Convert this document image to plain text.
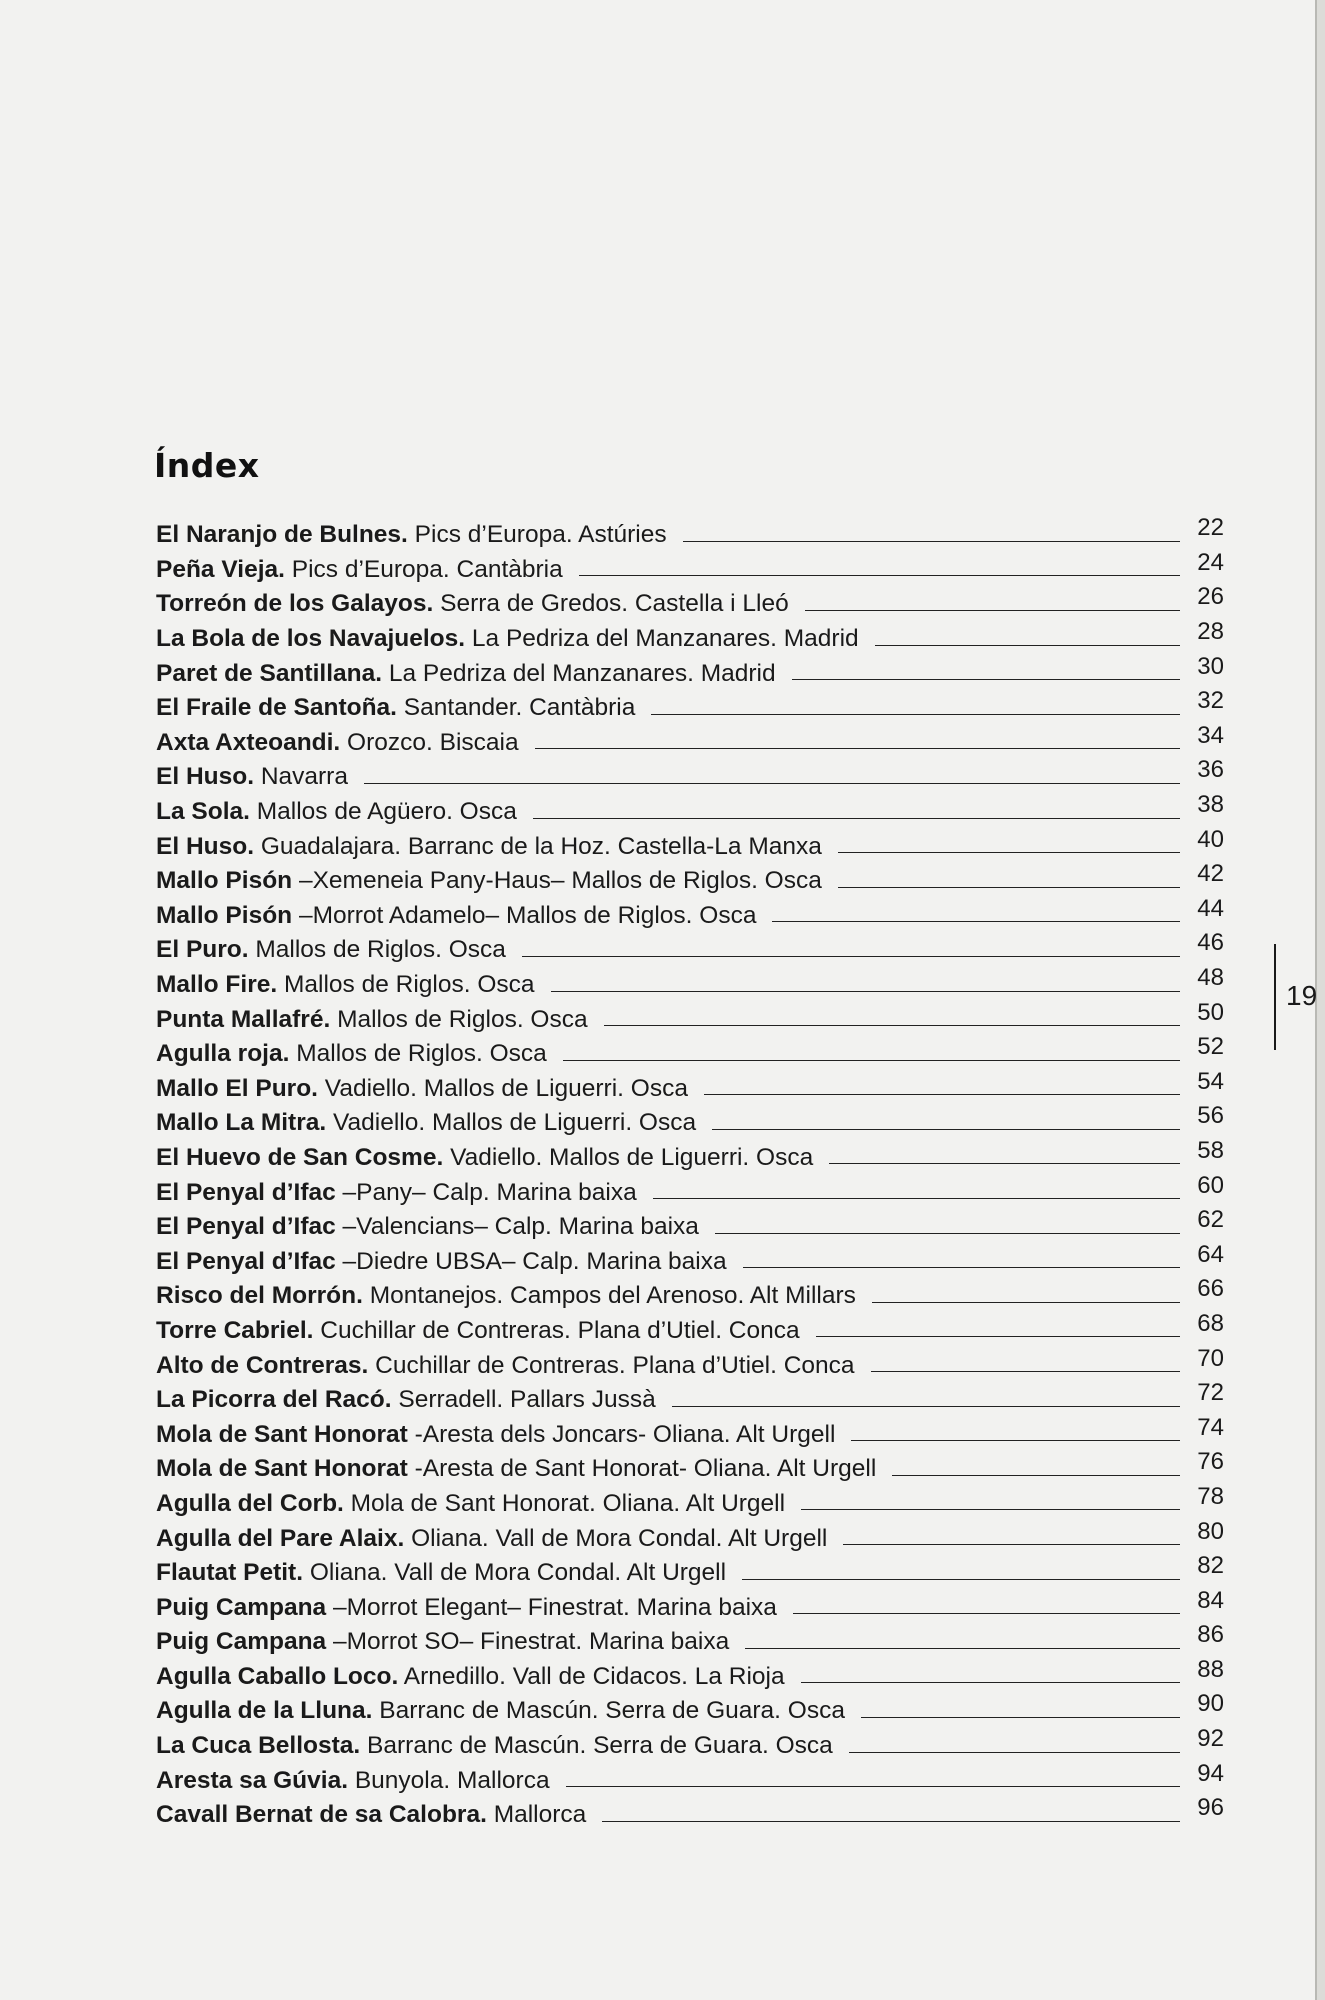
Índex
El Naranjo de Bulnes. Pics d’Europa. Astúries	22
Peña Vieja. Pics d’Europa. Cantàbria	24
Torreón de los Galayos. Serra de Gredos. Castella i Lleó	26
La Bola de los Navajuelos. La Pedriza del Manzanares. Madrid	28
Paret de Santillana. La Pedriza del Manzanares. Madrid	30
El Fraile de Santoña. Santander. Cantàbria	32
Axta Axteoandi. Orozco. Biscaia	34
El Huso. Navarra	36
La Sola. Mallos de Agüero. Osca	38
El Huso. Guadalajara. Barranc de la Hoz. Castella-La Manxa	40
Mallo Pisón –Xemeneia Pany-Haus– Mallos de Riglos. Osca	42
Mallo Pisón –Morrot Adamelo– Mallos de Riglos. Osca	44
El Puro. Mallos de Riglos. Osca	46
Mallo Fire. Mallos de Riglos. Osca	48
Punta Mallafré. Mallos de Riglos. Osca	50
Agulla roja. Mallos de Riglos. Osca	52
Mallo El Puro. Vadiello. Mallos de Liguerri. Osca	54
Mallo La Mitra. Vadiello. Mallos de Liguerri. Osca	56
El Huevo de San Cosme. Vadiello. Mallos de Liguerri. Osca	58
El Penyal d’Ifac –Pany– Calp. Marina baixa	60
El Penyal d’Ifac –Valencians– Calp. Marina baixa	62
El Penyal d’Ifac –Diedre UBSA– Calp. Marina baixa	64
Risco del Morrón. Montanejos. Campos del Arenoso. Alt Millars	66
Torre Cabriel. Cuchillar de Contreras. Plana d’Utiel. Conca	68
Alto de Contreras. Cuchillar de Contreras. Plana d’Utiel. Conca	70
La Picorra del Racó. Serradell. Pallars Jussà	72
Mola de Sant Honorat -Aresta dels Joncars- Oliana. Alt Urgell	74
Mola de Sant Honorat -Aresta de Sant Honorat- Oliana. Alt Urgell	76
Agulla del Corb. Mola de Sant Honorat. Oliana. Alt Urgell	78
Agulla del Pare Alaix. Oliana. Vall de Mora Condal. Alt Urgell	80
Flautat Petit. Oliana. Vall de Mora Condal. Alt Urgell	82
Puig Campana –Morrot Elegant– Finestrat. Marina baixa	84
Puig Campana –Morrot SO– Finestrat. Marina baixa	86
Agulla Caballo Loco. Arnedillo. Vall de Cidacos. La Rioja	88
Agulla de la Lluna. Barranc de Mascún. Serra de Guara. Osca	90
La Cuca Bellosta. Barranc de Mascún. Serra de Guara. Osca	92
Aresta sa Gúvia. Bunyola. Mallorca	94
Cavall Bernat de sa Calobra. Mallorca	96
19
